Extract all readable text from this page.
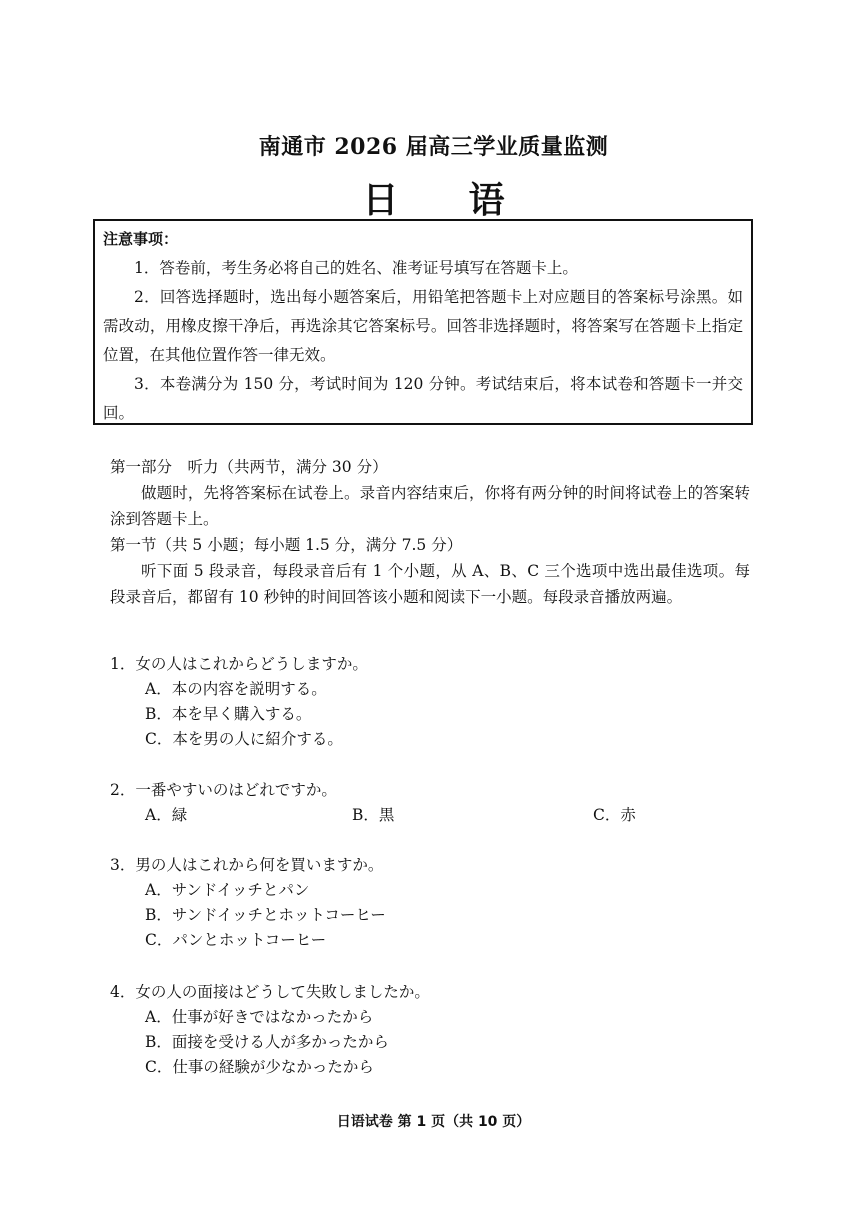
南通市 2026 届高三学业质量监测
日 语
注意事项：

1．答卷前，考生务必将自己的姓名、准考证号填写在答题卡上。

2．回答选择题时，选出每小题答案后，用铅笔把答题卡上对应题目的答案标号涂黑。如需改动，用橡皮擦干净后，再选涂其它答案标号。回答非选择题时，将答案写在答题卡上指定位置，在其他位置作答一律无效。

3．本卷满分为 150 分，考试时间为 120 分钟。考试结束后，将本试卷和答题卡一并交回。

第一部分　听力（共两节，满分 30 分）

做题时，先将答案标在试卷上。录音内容结束后，你将有两分钟的时间将试卷上的答案转涂到答题卡上。

第一节（共 5 小题；每小题 1.5 分，满分 7.5 分）

听下面 5 段录音，每段录音后有 1 个小题，从 A、B、C 三个选项中选出最佳选项。每段录音后，都留有 10 秒钟的时间回答该小题和阅读下一小题。每段录音播放两遍。

1．女の人はこれからどうしますか。
A．本の内容を説明する。
B．本を早く購入する。
C．本を男の人に紹介する。
2．一番やすいのはどれですか。
A．緑	B．黒	C．赤
3．男の人はこれから何を買いますか。
A．サンドイッチとパン
B．サンドイッチとホットコーヒー
C．パンとホットコーヒー
4．女の人の面接はどうして失敗しましたか。
A．仕事が好きではなかったから
B．面接を受ける人が多かったから
C．仕事の経験が少なかったから
日语试卷 第 1 页（共 10 页）
